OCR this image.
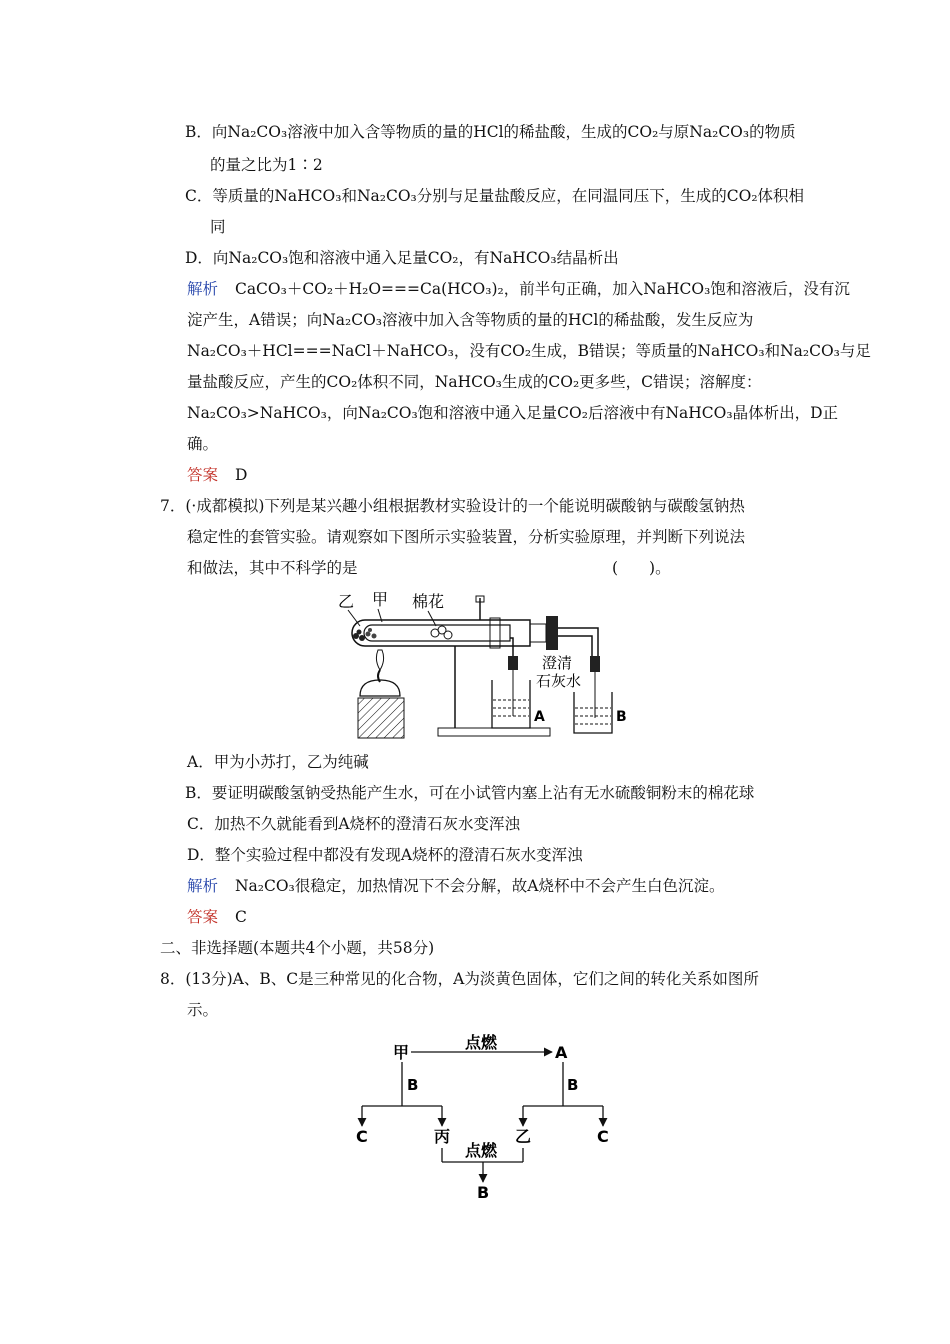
B．向Na₂CO₃溶液中加入含等物质的量的HCl的稀盐酸，生成的CO₂与原Na₂CO₃的物质
的量之比为1∶2
C．等质量的NaHCO₃和Na₂CO₃分别与足量盐酸反应，在同温同压下，生成的CO₂体积相
同
D．向Na₂CO₃饱和溶液中通入足量CO₂，有NaHCO₃结晶析出
解析 CaCO₃＋CO₂＋H₂O===Ca(HCO₃)₂，前半句正确，加入NaHCO₃饱和溶液后，没有沉
淀产生，A错误；向Na₂CO₃溶液中加入含等物质的量的HCl的稀盐酸，发生反应为
Na₂CO₃＋HCl===NaCl＋NaHCO₃，没有CO₂生成，B错误；等质量的NaHCO₃和Na₂CO₃与足
量盐酸反应，产生的CO₂体积不同，NaHCO₃生成的CO₂更多些，C错误；溶解度：
Na₂CO₃>NaHCO₃，向Na₂CO₃饱和溶液中通入足量CO₂后溶液中有NaHCO₃晶体析出，D正
确。
答案 D
7．(·成都模拟)下列是某兴趣小组根据教材实验设计的一个能说明碳酸钠与碳酸氢钠热
稳定性的套管实验。请观察如下图所示实验装置，分析实验原理，并判断下列说法
和做法，其中不科学的是	(　　)。
乙 甲 棉花
A	B
澄清
石灰水
A．甲为小苏打，乙为纯碱
B．要证明碳酸氢钠受热能产生水，可在小试管内塞上沾有无水硫酸铜粉末的棉花球
C．加热不久就能看到A烧杯的澄清石灰水变浑浊
D．整个实验过程中都没有发现A烧杯的澄清石灰水变浑浊
解析 Na₂CO₃很稳定，加热情况下不会分解，故A烧杯中不会产生白色沉淀。
答案 C
二、非选择题(本题共4个小题，共58分)
8．(13分)A、B、C是三种常见的化合物，A为淡黄色固体，它们之间的转化关系如图所
示。
甲	A
点燃
B
C	丙
B
乙	C
点燃
B
